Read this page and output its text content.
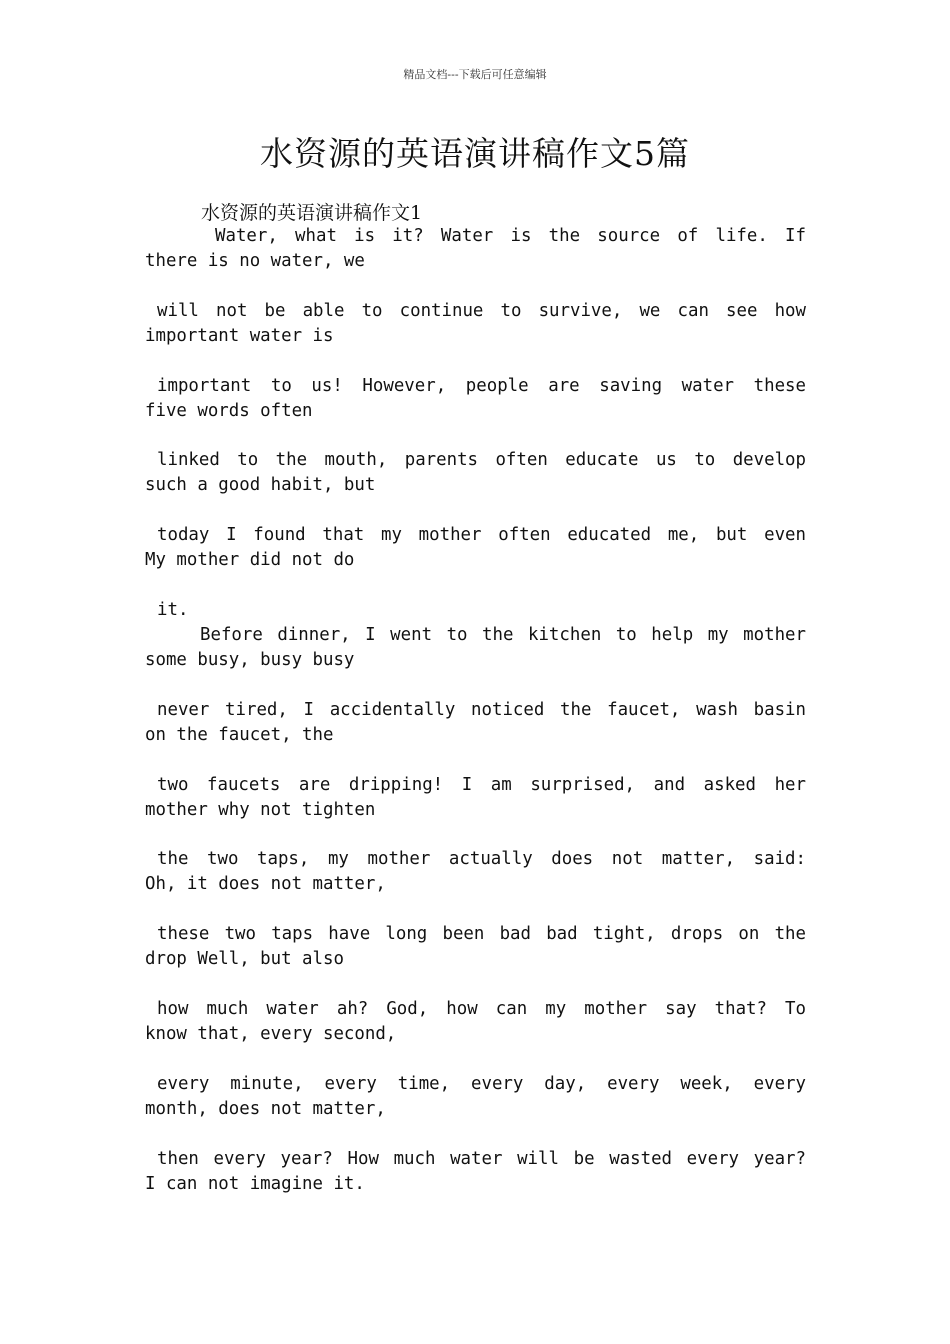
精品文档---下载后可任意编辑
水资源的英语演讲稿作文5篇
水资源的英语演讲稿作文1

Water, what is it? Water is the source of life. If
there is no water, we

will not be able to continue to survive, we can see how
important water is

important to us! However, people are saving water these
five words often

linked to the mouth, parents often educate us to develop
such a good habit, but

today I found that my mother often educated me, but even
My mother did not do

it.

Before dinner, I went to the kitchen to help my mother
some busy, busy busy

never tired, I accidentally noticed the faucet, wash basin
on the faucet, the

two faucets are dripping! I am surprised, and asked her
mother why not tighten

the two taps, my mother actually does not matter, said:
Oh, it does not matter,

these two taps have long been bad bad tight, drops on the
drop Well, but also

how much water ah? God, how can my mother say that? To
know that, every second,

every minute, every time, every day, every week, every
month, does not matter,

then every year? How much water will be wasted every year?
I can not imagine it.
